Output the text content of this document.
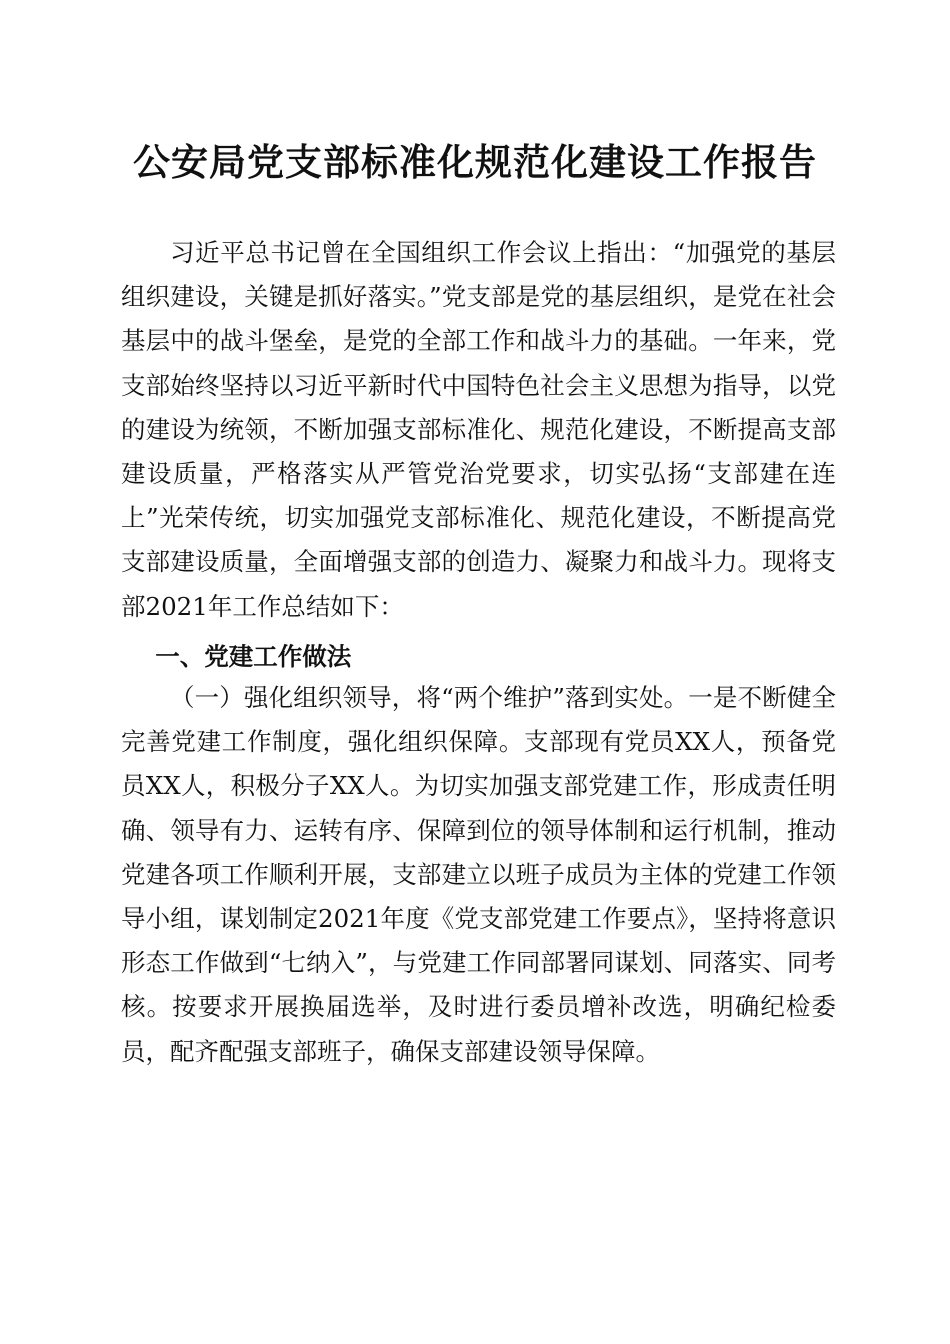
公安局党支部标准化规范化建设工作报告

习近平总书记曾在全国组织工作会议上指出：“加强党的基层组织建设，关键是抓好落实。”党支部是党的基层组织，是党在社会基层中的战斗堡垒，是党的全部工作和战斗力的基础。一年来，党支部始终坚持以习近平新时代中国特色社会主义思想为指导，以党的建设为统领，不断加强支部标准化、规范化建设，不断提高支部建设质量，严格落实从严管党治党要求，切实弘扬“支部建在连上”光荣传统，切实加强党支部标准化、规范化建设，不断提高党支部建设质量，全面增强支部的创造力、凝聚力和战斗力。现将支部2021年工作总结如下：

一、党建工作做法

（一）强化组织领导，将“两个维护”落到实处。一是不断健全完善党建工作制度，强化组织保障。支部现有党员XX人，预备党员XX人，积极分子XX人。为切实加强支部党建工作，形成责任明确、领导有力、运转有序、保障到位的领导体制和运行机制，推动党建各项工作顺利开展，支部建立以班子成员为主体的党建工作领导小组，谋划制定2021年度《党支部党建工作要点》，坚持将意识形态工作做到“七纳入”，与党建工作同部署同谋划、同落实、同考核。按要求开展换届选举，及时进行委员增补改选，明确纪检委员，配齐配强支部班子，确保支部建设领导保障。
